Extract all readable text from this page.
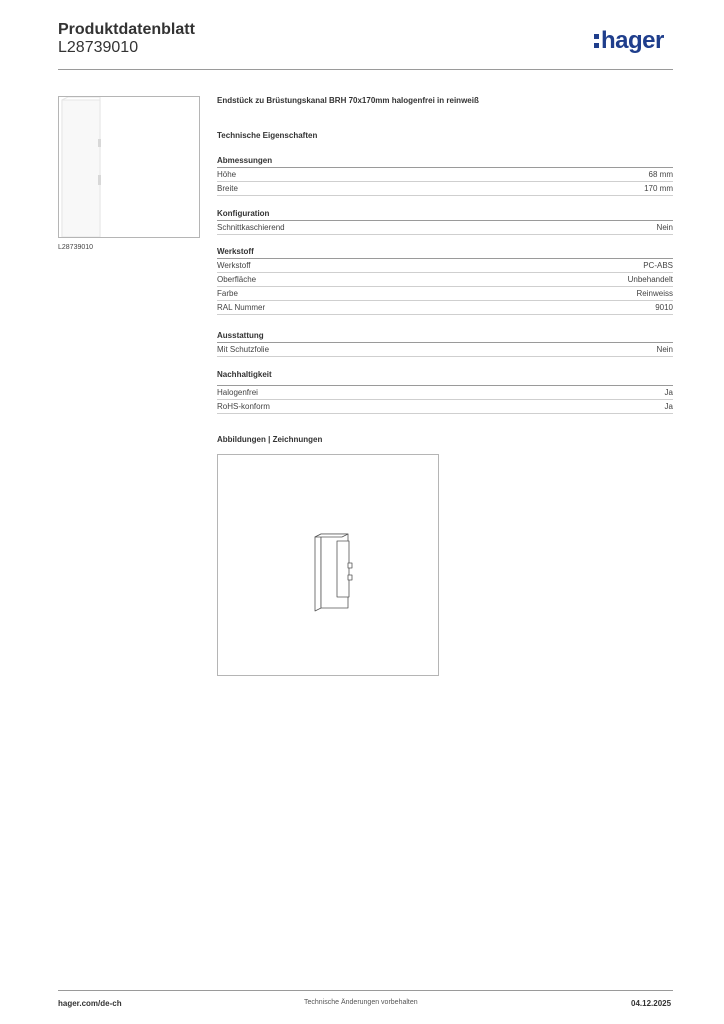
Produktdatenblatt
L28739010	hager
L28739010
Endstück zu Brüstungskanal BRH 70x170mm halogenfrei in reinweiß
Technische Eigenschaften
Abmessungen
Höhe	68 mm
Breite	170 mm
Konfiguration
Schnittkaschierend	Nein
Werkstoff
Werkstoff	PC-ABS
Oberfläche	Unbehandelt
Farbe	Reinweiss
RAL Nummer	9010
Ausstattung
Mit Schutzfolie	Nein
Nachhaltigkeit
Halogenfrei	Ja
RoHS-konform	Ja
Abbildungen | Zeichnungen
hager.com/de-ch	Technische Änderungen vorbehalten	04.12.2025
